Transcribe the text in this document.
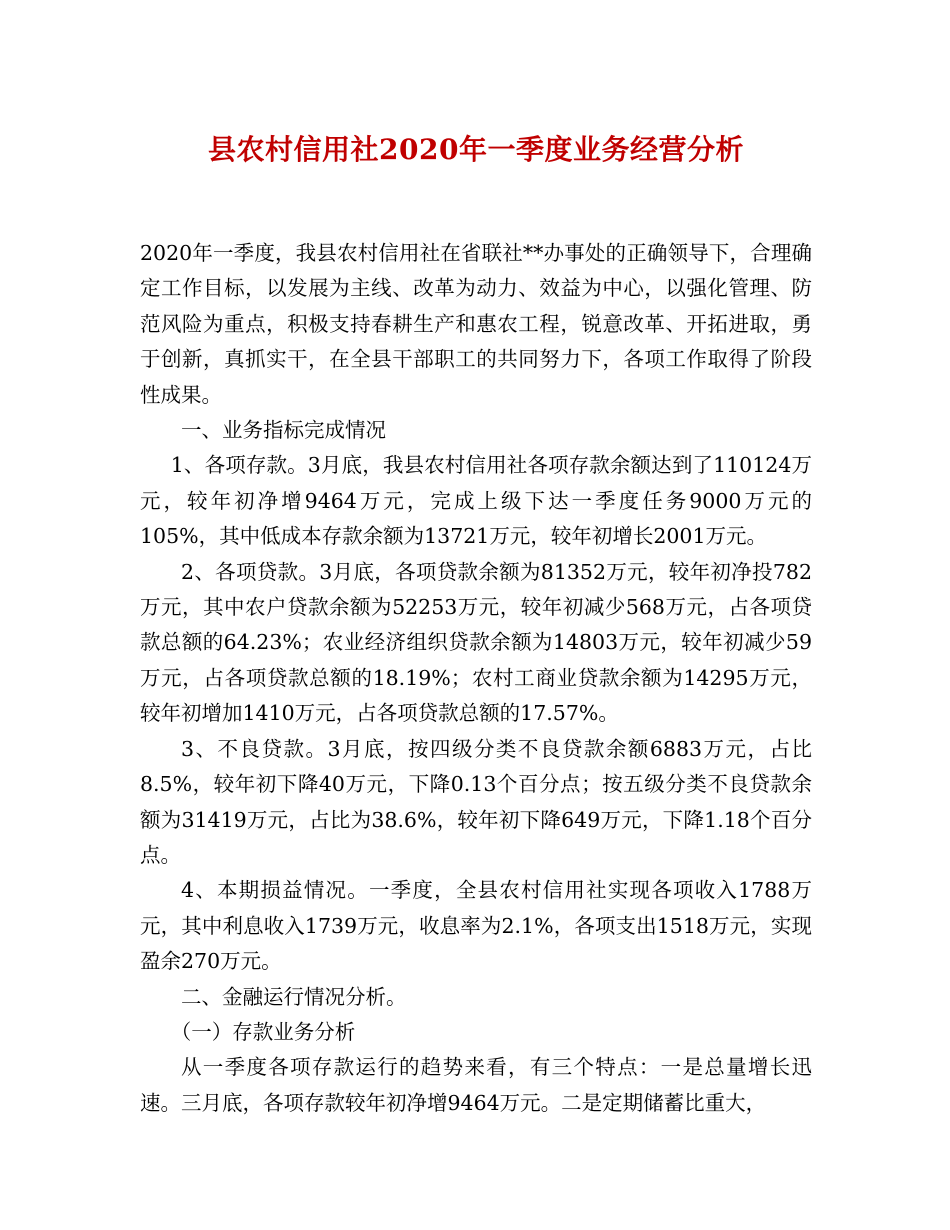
县农村信用社2020年一季度业务经营分析

2020年一季度，我县农村信用社在省联社**办事处的正确领导下，合理确定工作目标，以发展为主线、改革为动力、效益为中心，以强化管理、防范风险为重点，积极支持春耕生产和惠农工程，锐意改革、开拓进取，勇于创新，真抓实干，在全县干部职工的共同努力下，各项工作取得了阶段性成果。

一、业务指标完成情况

1、各项存款。3月底，我县农村信用社各项存款余额达到了110124万元，较年初净增9464万元，完成上级下达一季度任务9000万元的105%，其中低成本存款余额为13721万元，较年初增长2001万元。

2、各项贷款。3月底，各项贷款余额为81352万元，较年初净投782万元，其中农户贷款余额为52253万元，较年初减少568万元，占各项贷款总额的64.23%；农业经济组织贷款余额为14803万元，较年初减少59万元，占各项贷款总额的18.19%；农村工商业贷款余额为14295万元，较年初增加1410万元，占各项贷款总额的17.57%。

3、不良贷款。3月底，按四级分类不良贷款余额6883万元，占比8.5%，较年初下降40万元，下降0.13个百分点；按五级分类不良贷款余额为31419万元，占比为38.6%，较年初下降649万元，下降1.18个百分点。

4、本期损益情况。一季度，全县农村信用社实现各项收入1788万元，其中利息收入1739万元，收息率为2.1%，各项支出1518万元，实现盈余270万元。

二、金融运行情况分析。

（一）存款业务分析

从一季度各项存款运行的趋势来看，有三个特点：一是总量增长迅速。三月底，各项存款较年初净增9464万元。二是定期储蓄比重大，
